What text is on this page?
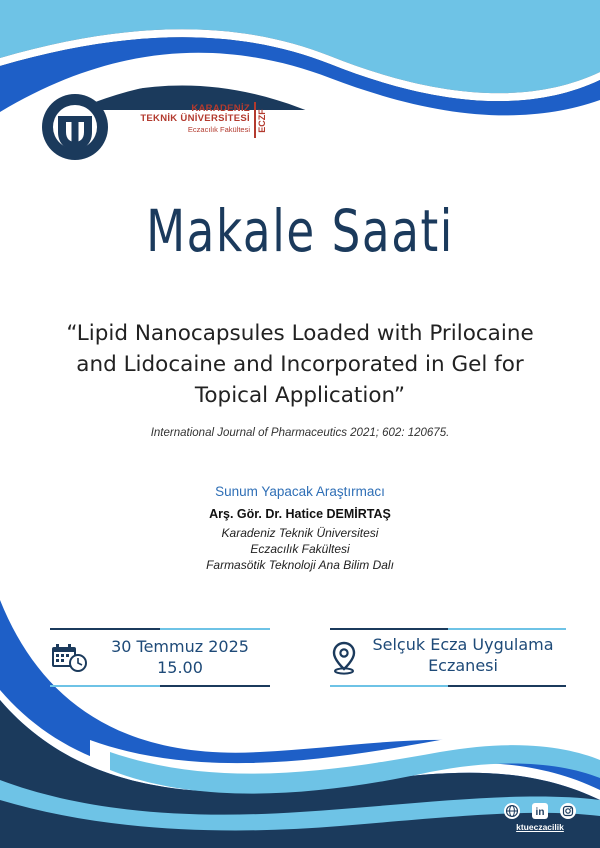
KARADENİZ
TEKNİK ÜNİVERSİTESİ
Eczacılık Fakültesi ECZF
Makale Saati
“Lipid Nanocapsules Loaded with Prilocaine
and Lidocaine and Incorporated in Gel for
Topical Application”
International Journal of Pharmaceutics 2021; 602: 120675.
Sunum Yapacak Araştırmacı
Arş. Gör. Dr. Hatice DEMİRTAŞ
Karadeniz Teknik Üniversitesi
Eczacılık Fakültesi
Farmasötik Teknoloji Ana Bilim Dalı
30 Temmuz 2025
15.00
Selçuk Ecza Uygulama
Eczanesi
in
ktueczacilik
